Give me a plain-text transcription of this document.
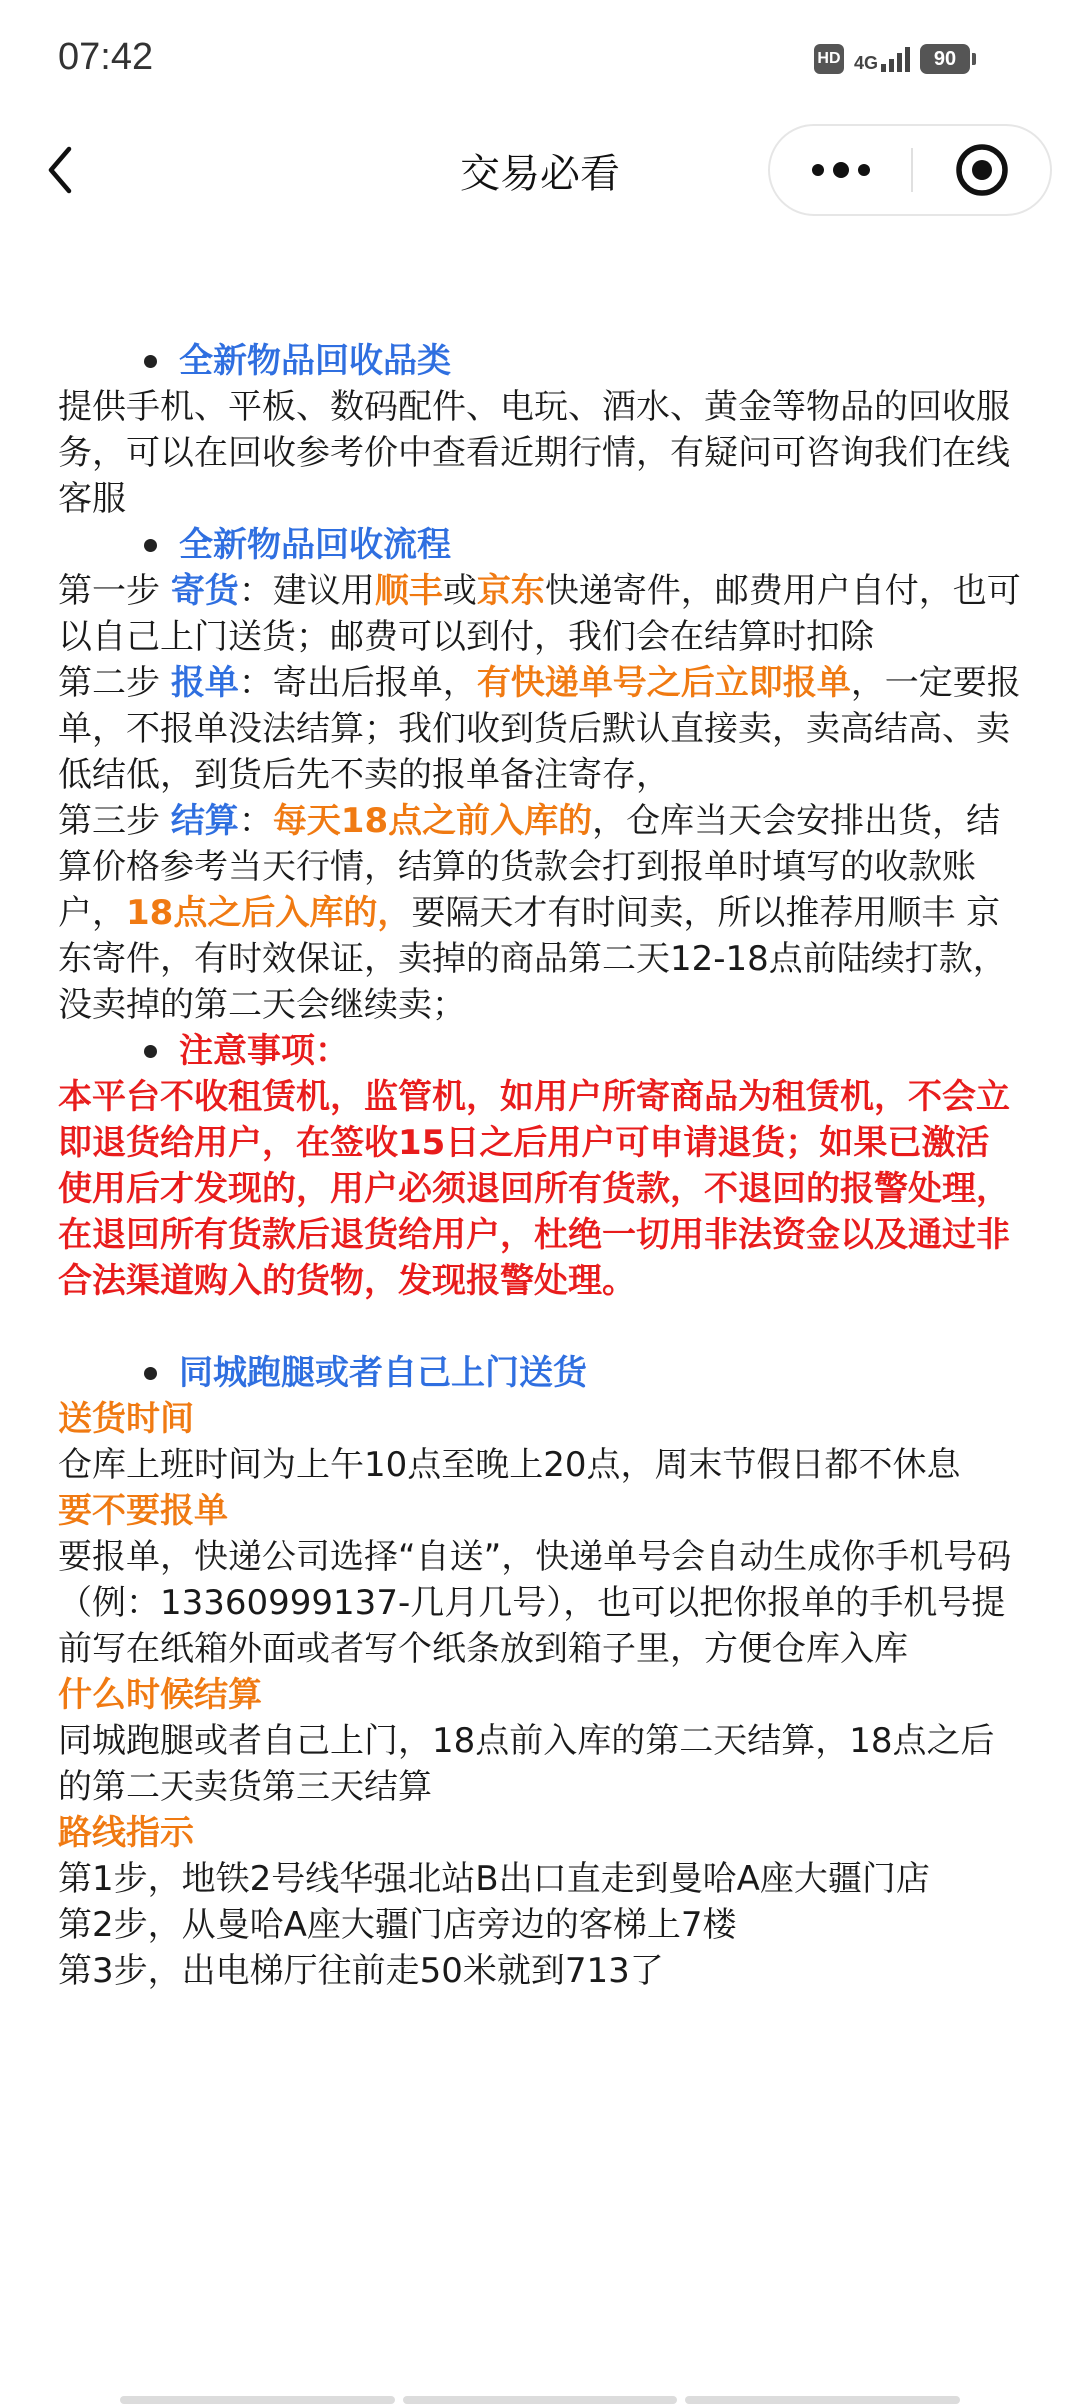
07:42	HD 4G	90
交易必看
全新物品回收品类

提供手机、平板、数码配件、电玩、酒水、黄金等物品的回收服务，可以在回收参考价中查看近期行情，有疑问可咨询我们在线客服

全新物品回收流程

第一步 寄货：建议用顺丰或京东快递寄件，邮费用户自付，也可以自己上门送货；邮费可以到付，我们会在结算时扣除

第二步 报单：寄出后报单，有快递单号之后立即报单，一定要报单，不报单没法结算；我们收到货后默认直接卖，卖高结高、卖低结低，到货后先不卖的报单备注寄存，

第三步 结算：每天18点之前入库的，仓库当天会安排出货，结算价格参考当天行情，结算的货款会打到报单时填写的收款账户，18点之后入库的，要隔天才有时间卖，所以推荐用顺丰 京东寄件，有时效保证，卖掉的商品第二天12-18点前陆续打款，没卖掉的第二天会继续卖；

注意事项：

本平台不收租赁机，监管机，如用户所寄商品为租赁机，不会立即退货给用户，在签收15日之后用户可申请退货；如果已激活使用后才发现的，用户必须退回所有货款，不退回的报警处理，在退回所有货款后退货给用户，杜绝一切用非法资金以及通过非合法渠道购入的货物，发现报警处理。

同城跑腿或者自己上门送货

送货时间

仓库上班时间为上午10点至晚上20点，周末节假日都不休息

要不要报单

要报单，快递公司选择“自送”，快递单号会自动生成你手机号码（例：13360999137-几月几号），也可以把你报单的手机号提前写在纸箱外面或者写个纸条放到箱子里，方便仓库入库

什么时候结算

同城跑腿或者自己上门，18点前入库的第二天结算，18点之后的第二天卖货第三天结算

路线指示

第1步，地铁2号线华强北站B出口直走到曼哈A座大疆门店

第2步，从曼哈A座大疆门店旁边的客梯上7楼

第3步，出电梯厅往前走50米就到713了
